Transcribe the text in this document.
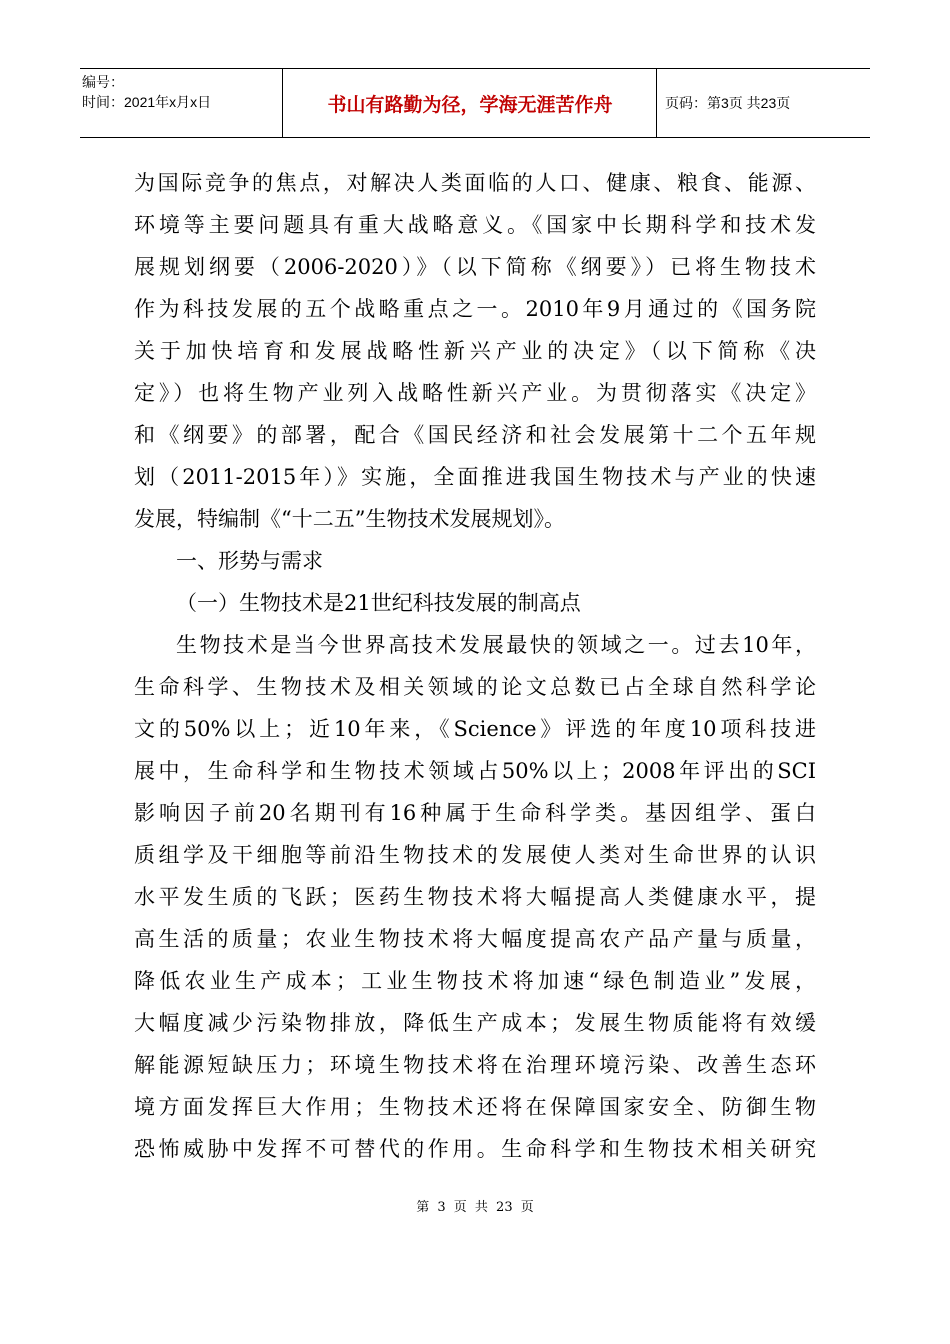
编号：
时间：2021年x月x日	书山有路勤为径，学海无涯苦作舟	页码：第3页 共23页
为国际竞争的焦点，对解决人类面临的人口、健康、粮食、能源、
环境等主要问题具有重大战略意义。《国家中长期科学和技术发
展规划纲要（2006-2020）》（以下简称《纲要》）已将生物技术
作为科技发展的五个战略重点之一。2010年9月通过的《国务院
关于加快培育和发展战略性新兴产业的决定》（以下简称《决
定》）也将生物产业列入战略性新兴产业。为贯彻落实《决定》
和《纲要》的部署，配合《国民经济和社会发展第十二个五年规
划（2011-2015年）》实施，全面推进我国生物技术与产业的快速
发展，特编制《“十二五”生物技术发展规划》。
一、形势与需求
（一）生物技术是21世纪科技发展的制高点
生物技术是当今世界高技术发展最快的领域之一。过去10年，
生命科学、生物技术及相关领域的论文总数已占全球自然科学论
文的50%以上；近10年来，《Science》评选的年度10项科技进
展中，生命科学和生物技术领域占50%以上；2008年评出的SCI
影响因子前20名期刊有16种属于生命科学类。基因组学、蛋白
质组学及干细胞等前沿生物技术的发展使人类对生命世界的认识
水平发生质的飞跃；医药生物技术将大幅提高人类健康水平，提
高生活的质量；农业生物技术将大幅度提高农产品产量与质量，
降低农业生产成本；工业生物技术将加速“绿色制造业”发展，
大幅度减少污染物排放，降低生产成本；发展生物质能将有效缓
解能源短缺压力；环境生物技术将在治理环境污染、改善生态环
境方面发挥巨大作用；生物技术还将在保障国家安全、防御生物
恐怖威胁中发挥不可替代的作用。生命科学和生物技术相关研究
第 3 页 共 23 页
